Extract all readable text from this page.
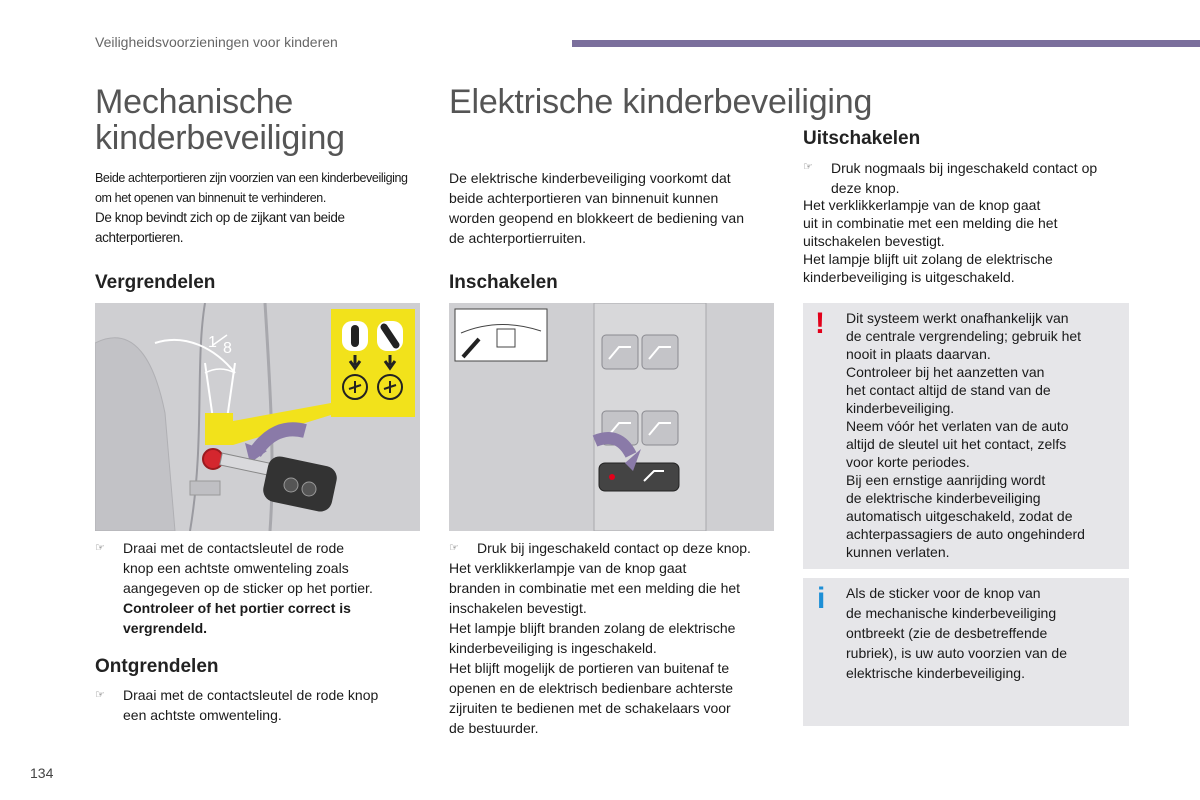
Veiligheidsvoorzieningen voor kinderen
Mechanische
kinderbeveiliging
Beide achterportieren zijn voorzien van een kinderbeveiliging
om het openen van binnenuit te verhinderen.
De knop bevindt zich op de zijkant van beide
achterportieren.
Vergrendelen
1 8
☞ Draai met de contactsleutel de rode
knop een achtste omwenteling zoals
aangegeven op de sticker op het portier.
Controleer of het portier correct is
vergrendeld.
Ontgrendelen
☞ Draai met de contactsleutel de rode knop
een achtste omwenteling.
Elektrische kinderbeveiliging
De elektrische kinderbeveiliging voorkomt dat
beide achterportieren van binnenuit kunnen
worden geopend en blokkeert de bediening van
de achterportierruiten.
Inschakelen
☞	Druk bij ingeschakeld contact op deze knop.
Het verklikkerlampje van de knop gaat
branden in combinatie met een melding die het
inschakelen bevestigt.
Het lampje blijft branden zolang de elektrische
kinderbeveiliging is ingeschakeld.
Het blijft mogelijk de portieren van buitenaf te
openen en de elektrisch bedienbare achterste
zijruiten te bedienen met de schakelaars voor
de bestuurder.
Uitschakelen
☞ Druk nogmaals bij ingeschakeld contact op
deze knop.
Het verklikkerlampje van de knop gaat
uit in combinatie met een melding die het
uitschakelen bevestigt.
Het lampje blijft uit zolang de elektrische
kinderbeveiliging is uitgeschakeld.
! Dit systeem werkt onafhankelijk van
de centrale vergrendeling; gebruik het
nooit in plaats daarvan.
Controleer bij het aanzetten van
het contact altijd de stand van de
kinderbeveiliging.
Neem vóór het verlaten van de auto
altijd de sleutel uit het contact, zelfs
voor korte periodes.
Bij een ernstige aanrijding wordt
de elektrische kinderbeveiliging
automatisch uitgeschakeld, zodat de
achterpassagiers de auto ongehinderd
kunnen verlaten.
i Als de sticker voor de knop van
de mechanische kinderbeveiliging
ontbreekt (zie de desbetreffende
rubriek), is uw auto voorzien van de
elektrische kinderbeveiliging.
134
